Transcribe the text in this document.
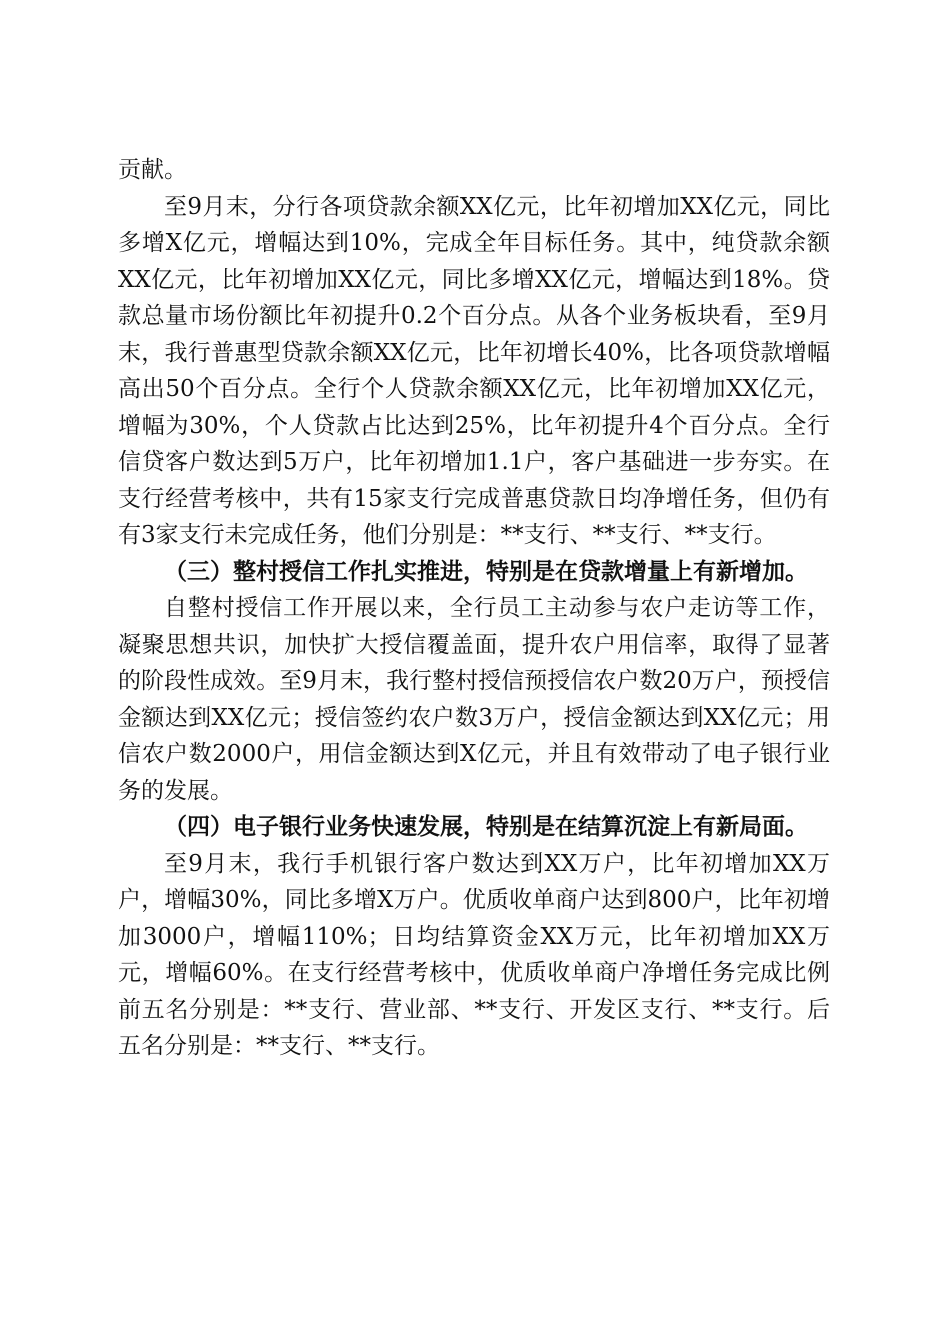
贡献。

至9月末，分行各项贷款余额XX亿元，比年初增加XX亿元，同比多增X亿元，增幅达到10%，完成全年目标任务。其中，纯贷款余额XX亿元，比年初增加XX亿元，同比多增XX亿元，增幅达到18%。贷款总量市场份额比年初提升0.2个百分点。从各个业务板块看，至9月末，我行普惠型贷款余额XX亿元，比年初增长40%，比各项贷款增幅高出50个百分点。全行个人贷款余额XX亿元，比年初增加XX亿元，增幅为30%，个人贷款占比达到25%，比年初提升4个百分点。全行信贷客户数达到5万户，比年初增加1.1户，客户基础进一步夯实。在支行经营考核中，共有15家支行完成普惠贷款日均净增任务，但仍有有3家支行未完成任务，他们分别是：**支行、**支行、**支行。

（三）整村授信工作扎实推进，特别是在贷款增量上有新增加。

自整村授信工作开展以来，全行员工主动参与农户走访等工作，凝聚思想共识，加快扩大授信覆盖面，提升农户用信率，取得了显著的阶段性成效。至9月末，我行整村授信预授信农户数20万户，预授信金额达到XX亿元；授信签约农户数3万户，授信金额达到XX亿元；用信农户数2000户，用信金额达到X亿元，并且有效带动了电子银行业务的发展。

（四）电子银行业务快速发展，特别是在结算沉淀上有新局面。

至9月末，我行手机银行客户数达到XX万户，比年初增加XX万户，增幅30%，同比多增X万户。优质收单商户达到800户，比年初增加3000户，增幅110%；日均结算资金XX万元，比年初增加XX万元，增幅60%。在支行经营考核中，优质收单商户净增任务完成比例前五名分别是：**支行、营业部、**支行、开发区支行、**支行。后五名分别是：**支行、**支行。
